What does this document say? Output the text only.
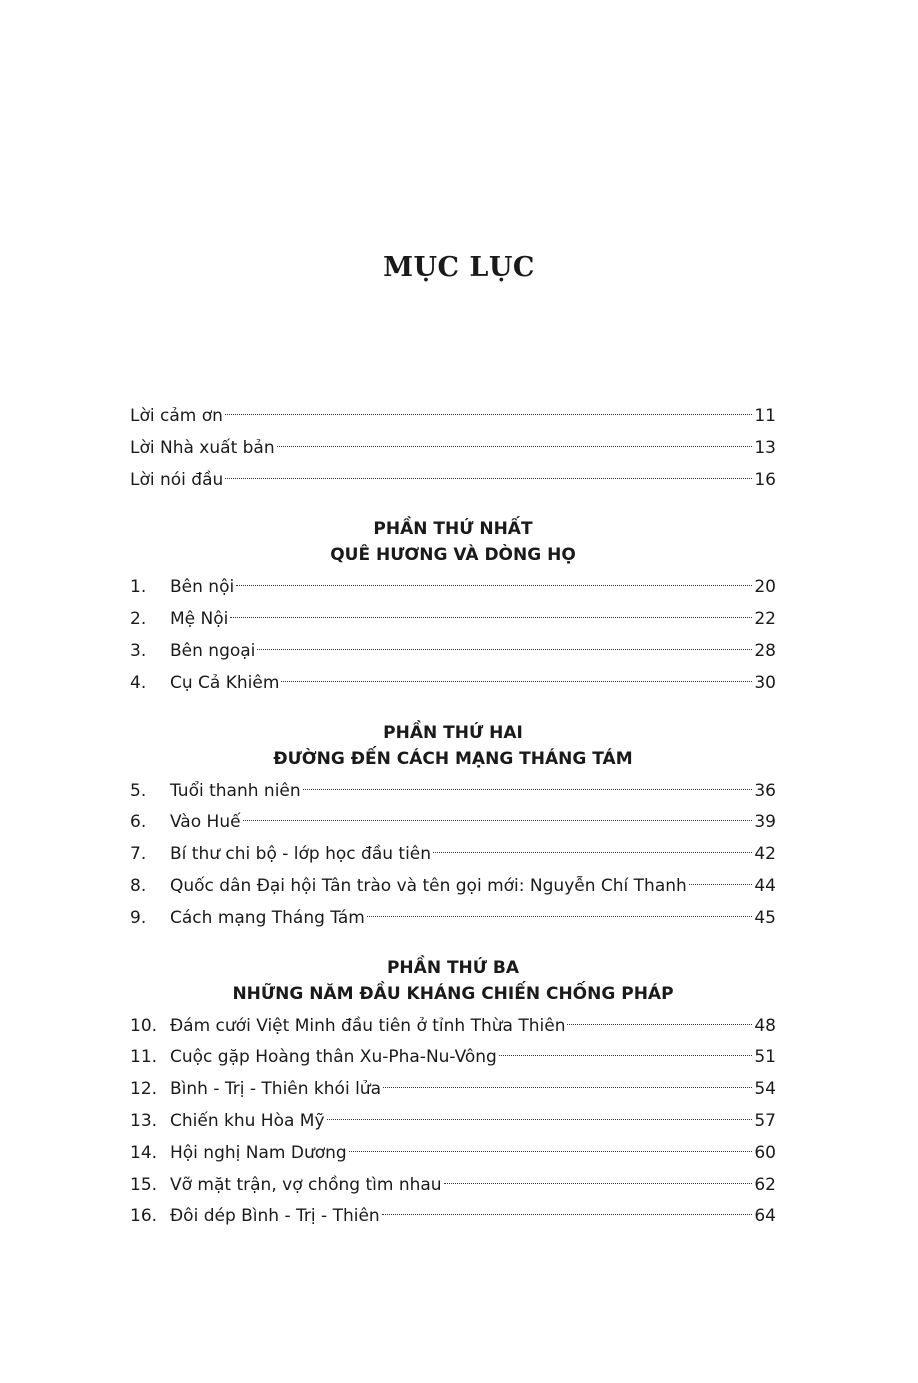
MỤC LỤC
Lời cảm ơn	11
Lời Nhà xuất bản	13
Lời nói đầu	16
PHẦN THỨ NHẤT
QUÊ HƯƠNG VÀ DÒNG HỌ
1.	Bên nội	20
2.	Mệ Nội	22
3.	Bên ngoại	28
4.	Cụ Cả Khiêm	30
PHẦN THỨ HAI
ĐƯỜNG ĐẾN CÁCH MẠNG THÁNG TÁM
5.	Tuổi thanh niên	36
6.	Vào Huế	39
7.	Bí thư chi bộ - lớp học đầu tiên	42
8.	Quốc dân Đại hội Tân trào và tên gọi mới: Nguyễn Chí Thanh	44
9.	Cách mạng Tháng Tám	45
PHẦN THỨ BA
NHỮNG NĂM ĐẦU KHÁNG CHIẾN CHỐNG PHÁP
10. Đám cưới Việt Minh đầu tiên ở tỉnh Thừa Thiên	48
11. Cuộc gặp Hoàng thân Xu-Pha-Nu-Vông	51
12. Bình - Trị - Thiên khói lửa	54
13. Chiến khu Hòa Mỹ	57
14. Hội nghị Nam Dương	60
15. Vỡ mặt trận, vợ chồng tìm nhau	62
16. Đôi dép Bình - Trị - Thiên	64
